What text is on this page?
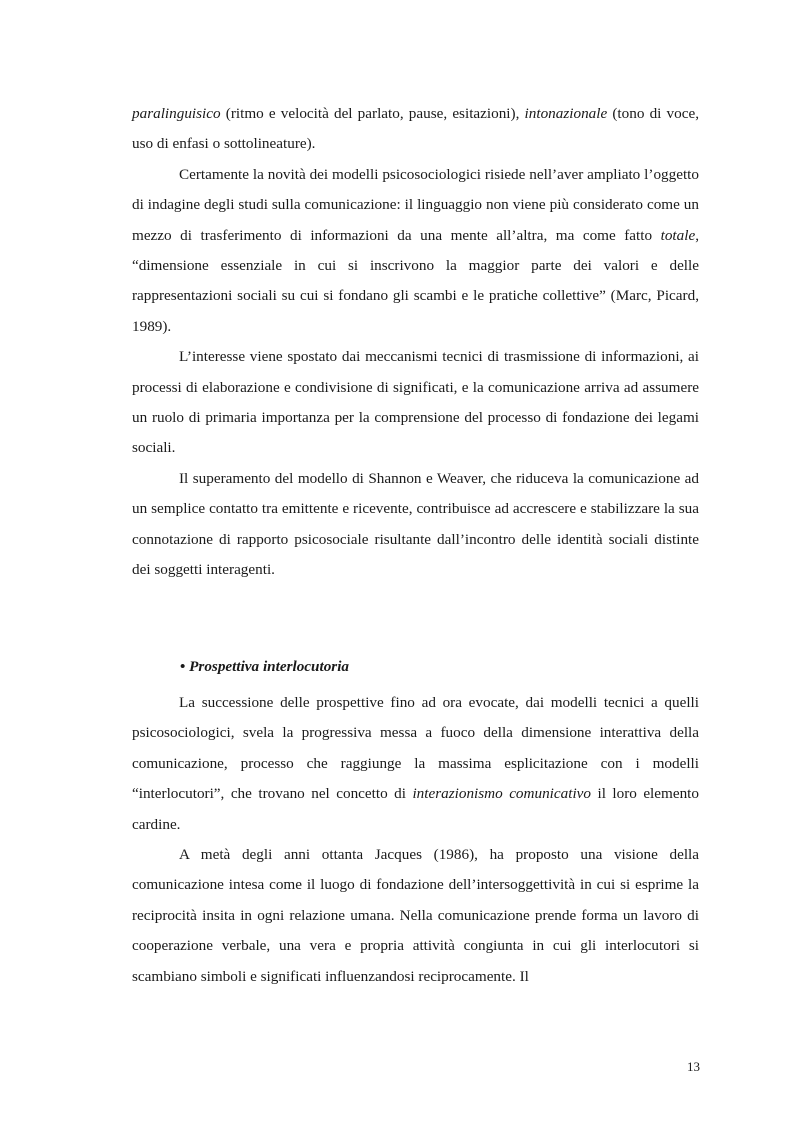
paralinguisico (ritmo e velocità del parlato, pause, esitazioni), intonazionale (tono di voce, uso di enfasi o sottolineature).

Certamente la novità dei modelli psicosociologici risiede nell’aver ampliato l’oggetto di indagine degli studi sulla comunicazione: il linguaggio non viene più considerato come un mezzo di trasferimento di informazioni da una mente all’altra, ma come fatto totale, “dimensione essenziale in cui si inscrivono la maggior parte dei valori e delle rappresentazioni sociali su cui si fondano gli scambi e le pratiche collettive” (Marc, Picard, 1989).

L’interesse viene spostato dai meccanismi tecnici di trasmissione di informazioni, ai processi di elaborazione e condivisione di significati, e la comunicazione arriva ad assumere un ruolo di primaria importanza per la comprensione del processo di fondazione dei legami sociali.

Il superamento del modello di Shannon e Weaver, che riduceva la comunicazione ad un semplice contatto tra emittente e ricevente, contribuisce ad accrescere e stabilizzare la sua connotazione di rapporto psicosociale risultante dall’incontro delle identità sociali distinte dei soggetti interagenti.

• Prospettiva interlocutoria

La successione delle prospettive fino ad ora evocate, dai modelli tecnici a quelli psicosociologici, svela la progressiva messa a fuoco della dimensione interattiva della comunicazione, processo che raggiunge la massima esplicitazione con i modelli “interlocutori”, che trovano nel concetto di interazionismo comunicativo il loro elemento cardine.

A metà degli anni ottanta Jacques (1986), ha proposto una visione della comunicazione intesa come il luogo di fondazione dell’intersoggettività in cui si esprime la reciprocità insita in ogni relazione umana. Nella comunicazione prende forma un lavoro di cooperazione verbale, una vera e propria attività congiunta in cui gli interlocutori si scambiano simboli e significati influenzandosi reciprocamente. Il

13
